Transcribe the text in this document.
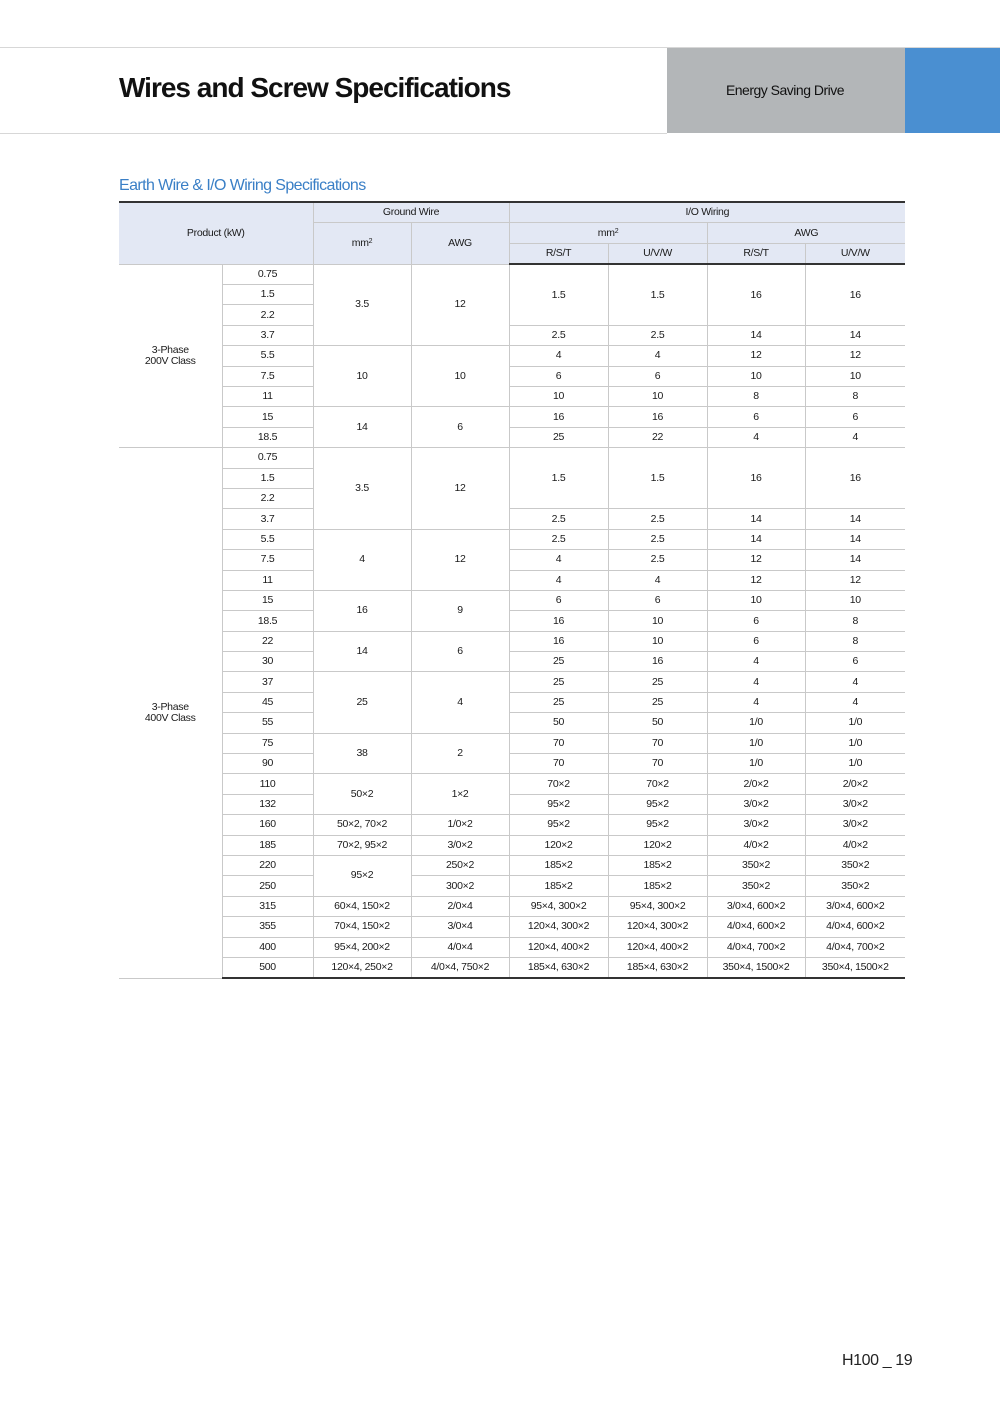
Wires and Screw Specifications	Energy Saving Drive
Earth Wire & I/O Wiring Specifications
Product (kW)		Ground Wire		I/O Wiring			
		$mm^2$	AWG	$mm^2$		AWG	
				R/S/T	U/V/W	R/S/T	U/V/W
3-Phase
200V Class	0.75	3.5	12	1.5	1.5	16	16
	1.5						
	2.2						
	3.7			2.5	2.5	14	14
	5.5	10	10	4	4	12	12
	7.5			6	6	10	10
	11			10	10	8	8
	15	14	6	16	16	6	6
	18.5			25	22	4	4
3-Phase
400V Class	0.75	3.5	12	1.5	1.5	16	16
	1.5						
	2.2						
	3.7			2.5	2.5	14	14
	5.5	4	12	2.5	2.5	14	14
	7.5			4	2.5	12	14
	11			4	4	12	12
	15	16	9	6	6	10	10
	18.5			16	10	6	8
	22	14	6	16	10	6	8
	30			25	16	4	6
	37	25	4	25	25	4	4
	45			25	25	4	4
	55			50	50	1/0	1/0
	75	38	2	70	70	1/0	1/0
	90			70	70	1/0	1/0
	110	50×2	1×2	70×2	70×2	2/0×2	2/0×2
	132			95×2	95×2	3/0×2	3/0×2
	160	50×2, 70×2	1/0×2	95×2	95×2	3/0×2	3/0×2
	185	70×2, 95×2	3/0×2	120×2	120×2	4/0×2	4/0×2
	220	95×2	250×2	185×2	185×2	350×2	350×2
	250		300×2	185×2	185×2	350×2	350×2
	315	60×4, 150×2	2/0×4	95×4, 300×2	95×4, 300×2	3/0×4, 600×2	3/0×4, 600×2
	355	70×4, 150×2	3/0×4	120×4, 300×2	120×4, 300×2	4/0×4, 600×2	4/0×4, 600×2
	400	95×4, 200×2	4/0×4	120×4, 400×2	120×4, 400×2	4/0×4, 700×2	4/0×4, 700×2
	500	120×4, 250×2	4/0×4, 750×2	185×4, 630×2	185×4, 630×2	350×4, 1500×2	350×4, 1500×2
H100 _ 19
